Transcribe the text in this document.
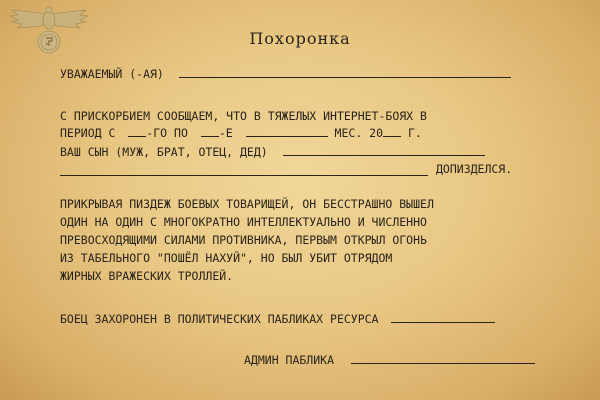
Похоронка
УВАЖАЕМЫЙ (-АЯ)
С ПРИСКОРБИЕМ СООБЩАЕМ, ЧТО В ТЯЖЕЛЫХ ИНТЕРНЕТ-БОЯХ В
ПЕРИОД С	-ГО ПО	-Е	МЕС. 20 Г.
ВАШ СЫН (МУЖ, БРАТ, ОТЕЦ, ДЕД)
ДОПИЗДЕЛСЯ.
ПРИКРЫВАЯ ПИЗДЕЖ БОЕВЫХ ТОВАРИЩЕЙ, ОН БЕССТРАШНО ВЫШЕЛ
ОДИН НА ОДИН С МНОГОКРАТНО ИНТЕЛЛЕКТУАЛЬНО И ЧИСЛЕННО
ПРЕВОСХОДЯЩИМИ СИЛАМИ ПРОТИВНИКА, ПЕРВЫМ ОТКРЫЛ ОГОНЬ
ИЗ ТАБЕЛЬНОГО "ПОШЁЛ НАХУЙ", НО БЫЛ УБИТ ОТРЯДОМ
ЖИРНЫХ ВРАЖЕСКИХ ТРОЛЛЕЙ.
БОЕЦ ЗАХОРОНЕН В ПОЛИТИЧЕСКИХ ПАБЛИКАХ РЕСУРСА
АДМИН ПАБЛИКА
